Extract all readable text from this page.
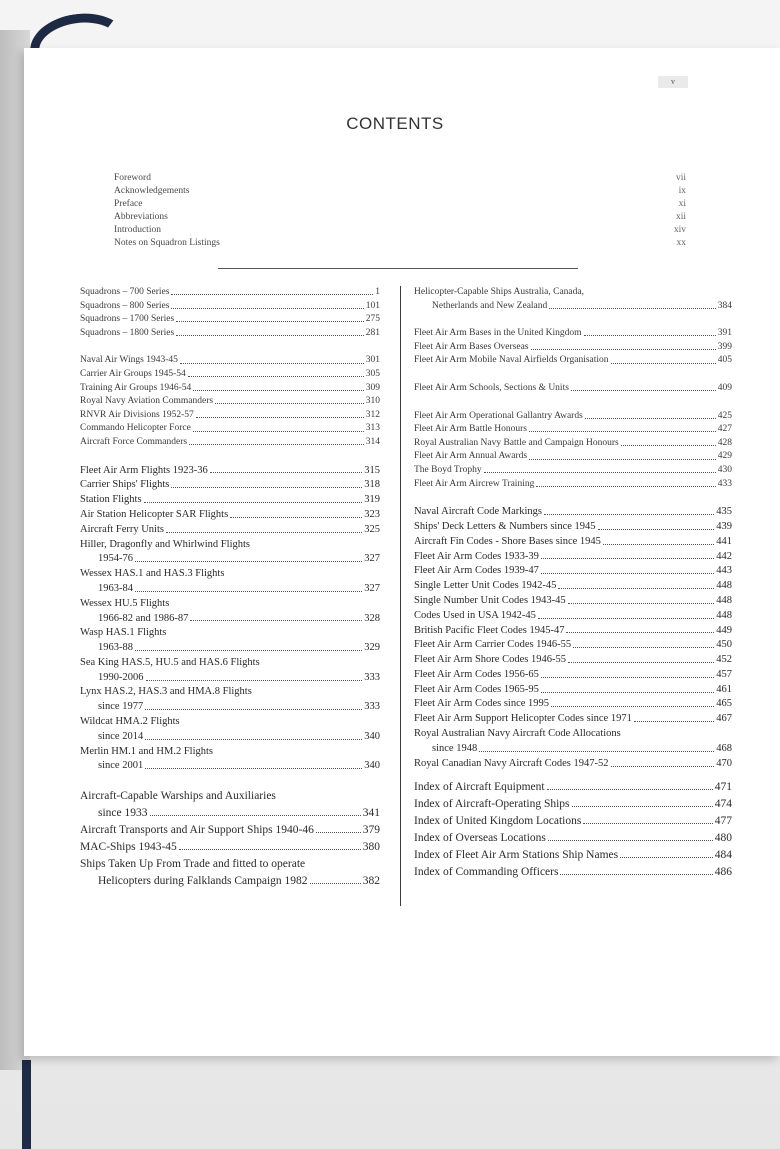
v
CONTENTS
Foreword	vii
Acknowledgements	ix
Preface	xi
Abbreviations	xii
Introduction	xiv
Notes on Squadron Listings	xx
Squadrons – 700 Series	1
Squadrons – 800 Series	101
Squadrons – 1700 Series	275
Squadrons – 1800 Series	281
Naval Air Wings 1943-45	301
Carrier Air Groups 1945-54	305
Training Air Groups 1946-54	309
Royal Navy Aviation Commanders	310
RNVR Air Divisions 1952-57	312
Commando Helicopter Force	313
Aircraft Force Commanders	314
Fleet Air Arm Flights 1923-36	315
Carrier Ships' Flights	318
Station Flights	319
Air Station Helicopter SAR Flights	323
Aircraft Ferry Units	325
Hiller, Dragonfly and Whirlwind Flights
1954-76	327
Wessex HAS.1 and HAS.3 Flights
1963-84	327
Wessex HU.5 Flights
1966-82 and 1986-87	328
Wasp HAS.1 Flights
1963-88	329
Sea King HAS.5, HU.5 and HAS.6 Flights
1990-2006	333
Lynx HAS.2, HAS.3 and HMA.8 Flights
since 1977	333
Wildcat HMA.2 Flights
since 2014	340
Merlin HM.1 and HM.2 Flights
since 2001	340
Aircraft-Capable Warships and Auxiliaries
since 1933	341
Aircraft Transports and Air Support Ships 1940-46	379
MAC-Ships 1943-45	380
Ships Taken Up From Trade and fitted to operate
Helicopters during Falklands Campaign 1982	382
Helicopter-Capable Ships Australia, Canada,
Netherlands and New Zealand	384
Fleet Air Arm Bases in the United Kingdom	391
Fleet Air Arm Bases Overseas	399
Fleet Air Arm Mobile Naval Airfields Organisation	405
Fleet Air Arm Schools, Sections & Units	409
Fleet Air Arm Operational Gallantry Awards	425
Fleet Air Arm Battle Honours	427
Royal Australian Navy Battle and Campaign Honours	428
Fleet Air Arm Annual Awards	429
The Boyd Trophy	430
Fleet Air Arm Aircrew Training	433
Naval Aircraft Code Markings	435
Ships' Deck Letters & Numbers since 1945	439
Aircraft Fin Codes - Shore Bases since 1945	441
Fleet Air Arm Codes 1933-39	442
Fleet Air Arm Codes 1939-47	443
Single Letter Unit Codes 1942-45	448
Single Number Unit Codes 1943-45	448
Codes Used in USA 1942-45	448
British Pacific Fleet Codes 1945-47	449
Fleet Air Arm Carrier Codes 1946-55	450
Fleet Air Arm Shore Codes 1946-55	452
Fleet Air Arm Codes 1956-65	457
Fleet Air Arm Codes 1965-95	461
Fleet Air Arm Codes since 1995	465
Fleet Air Arm Support Helicopter Codes since 1971	467
Royal Australian Navy Aircraft Code Allocations
since 1948	468
Royal Canadian Navy Aircraft Codes 1947-52	470
Index of Aircraft Equipment	471
Index of Aircraft-Operating Ships	474
Index of United Kingdom Locations	477
Index of Overseas Locations	480
Index of Fleet Air Arm Stations Ship Names	484
Index of Commanding Officers	486
